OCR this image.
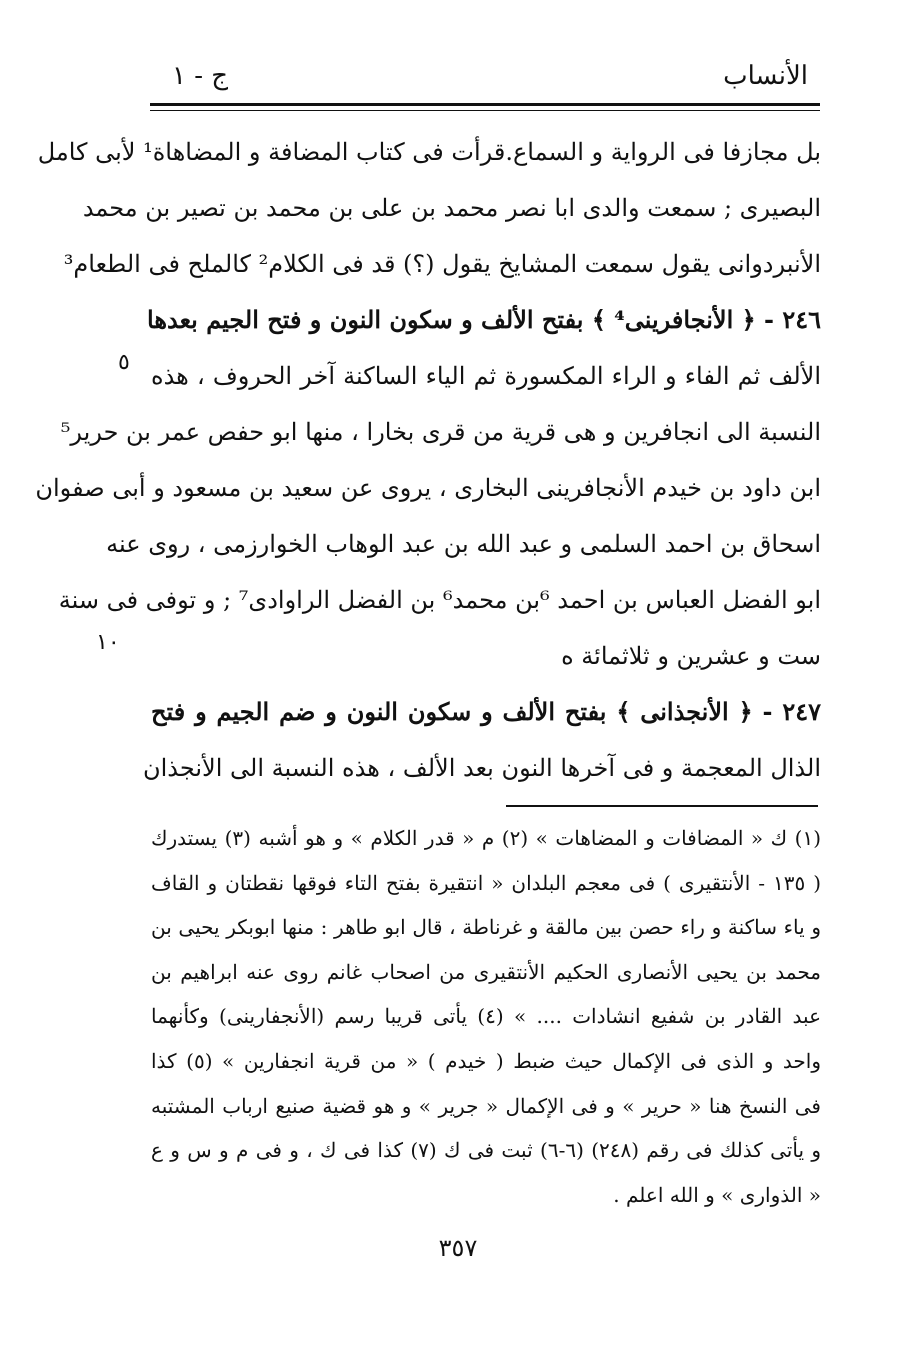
الأنساب
ج - ١
بل مجازفا فى الرواية و السماع.قرأت فى كتاب المضافة و المضاهاة¹ لأبى كامل
البصيرى ; سمعت والدى ابا نصر محمد بن على بن محمد بن تصير بن محمد
الأنبردوانى يقول سمعت المشايخ يقول (؟) قد فى الكلام² كالملح فى الطعام³
٢٤٦ - ﴿ الأنجافرينى⁴ ﴾ بفتح الألف و سكون النون و فتح الجيم بعدها
الألف ثم الفاء و الراء المكسورة ثم الياء الساكنة آخر الحروف ، هذه
النسبة الى انجافرين و هى قرية من قرى بخارا ، منها ابو حفص عمر بن حرير⁵
ابن داود بن خيدم الأنجافرينى البخارى ، يروى عن سعيد بن مسعود و أبى صفوان
اسحاق بن احمد السلمى و عبد الله بن عبد الوهاب الخوارزمى ، روى عنه
ابو الفضل العباس بن احمد ⁶بن محمد⁶ بن الفضل الراوادى⁷ ; و توفى فى سنة
ست و عشرين و ثلاثمائة ه
٢٤٧ - ﴿ الأنجذانى ﴾ بفتح الألف و سكون النون و ضم الجيم و فتح
الذال المعجمة و فى آخرها النون بعد الألف ، هذه النسبة الى الأنجذان
٥
١٠
(١) ك « المضافات و المضاهات » (٢) م « قدر الكلام » و هو أشبه (٣) يستدرك
( ١٣٥ - الأنتقيرى ) فى معجم البلدان « انتقيرة بفتح التاء فوقها نقطتان و القاف
و ياء ساكنة و راء حصن بين مالقة و غرناطة ، قال ابو طاهر : منها ابوبكر يحيى بن
محمد بن يحيى الأنصارى الحكيم الأنتقيرى من اصحاب غانم روى عنه ابراهيم بن
عبد القادر بن شفيع انشادات .... » (٤) يأتى قريبا رسم (الأنجفارينى) وكأنهما
واحد و الذى فى الإكمال حيث ضبط ( خيدم ) « من قرية انجفارين » (٥) كذا
فى النسخ هنا « حرير » و فى الإكمال « جرير » و هو قضية صنيع ارباب المشتبه
و يأتى كذلك فى رقم (٢٤٨) (٦-٦) ثبت فى ك (٧) كذا فى ك ، و فى م و س و ع
« الذوارى » و الله اعلم .
٣٥٧
